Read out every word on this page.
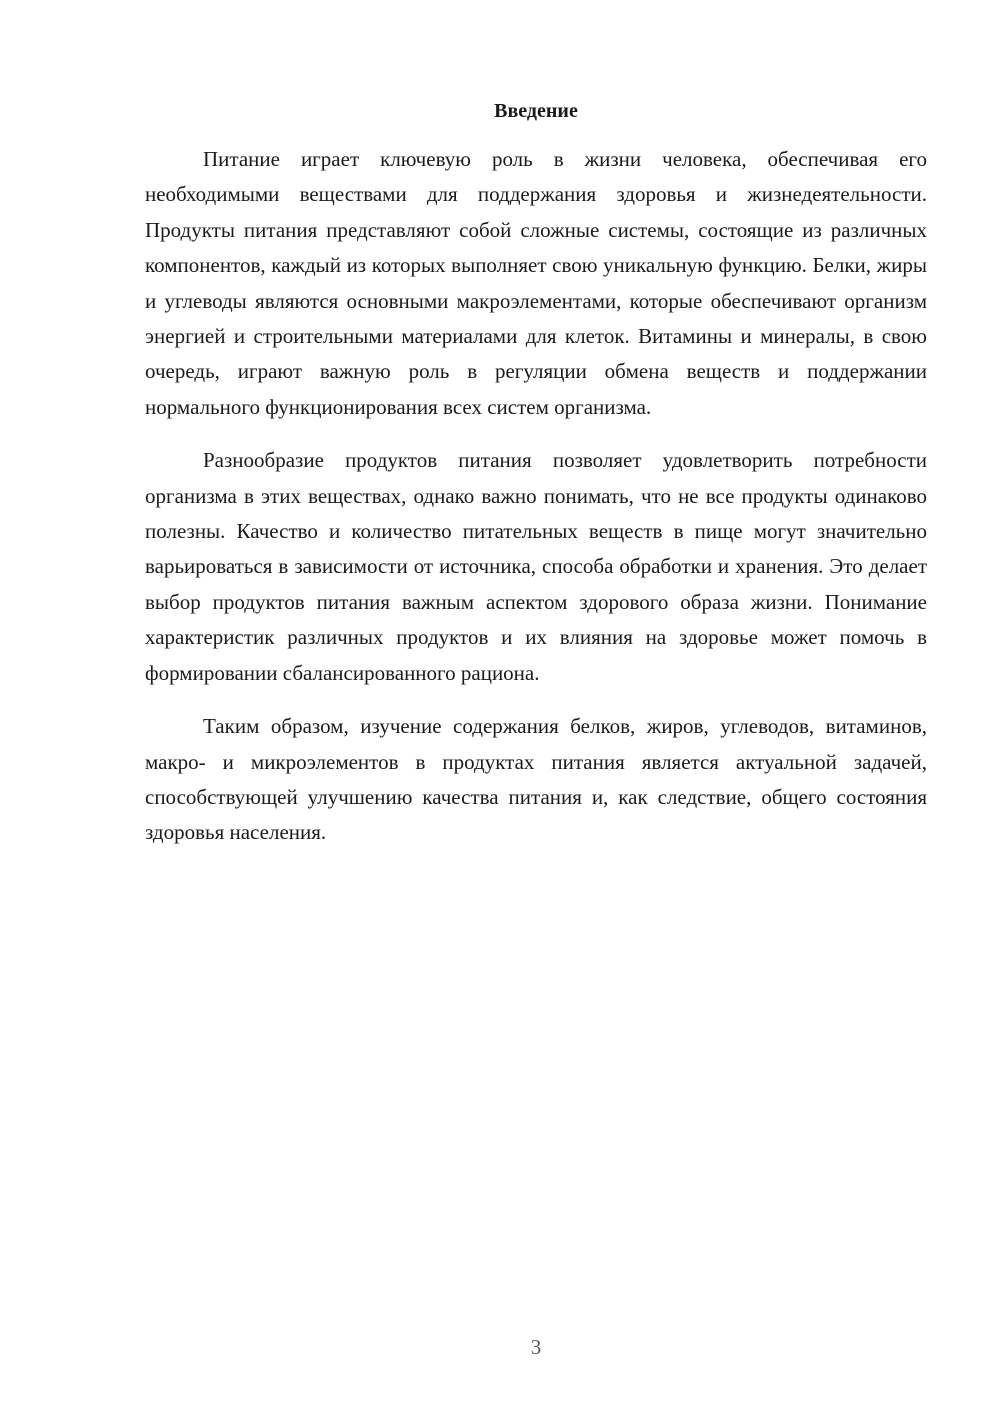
Введение

Питание играет ключевую роль в жизни человека, обеспечивая его необходимыми веществами для поддержания здоровья и жизнедеятельности. Продукты питания представляют собой сложные системы, состоящие из различных компонентов, каждый из которых выполняет свою уникальную функцию. Белки, жиры и углеводы являются основными макроэлементами, которые обеспечивают организм энергией и строительными материалами для клеток. Витамины и минералы, в свою очередь, играют важную роль в регуляции обмена веществ и поддержании нормального функционирования всех систем организма.

Разнообразие продуктов питания позволяет удовлетворить потребности организма в этих веществах, однако важно понимать, что не все продукты одинаково полезны. Качество и количество питательных веществ в пище могут значительно варьироваться в зависимости от источника, способа обработки и хранения. Это делает выбор продуктов питания важным аспектом здорового образа жизни. Понимание характеристик различных продуктов и их влияния на здоровье может помочь в формировании сбалансированного рациона.

Таким образом, изучение содержания белков, жиров, углеводов, витаминов, макро- и микроэлементов в продуктах питания является актуальной задачей, способствующей улучшению качества питания и, как следствие, общего состояния здоровья населения.

3
